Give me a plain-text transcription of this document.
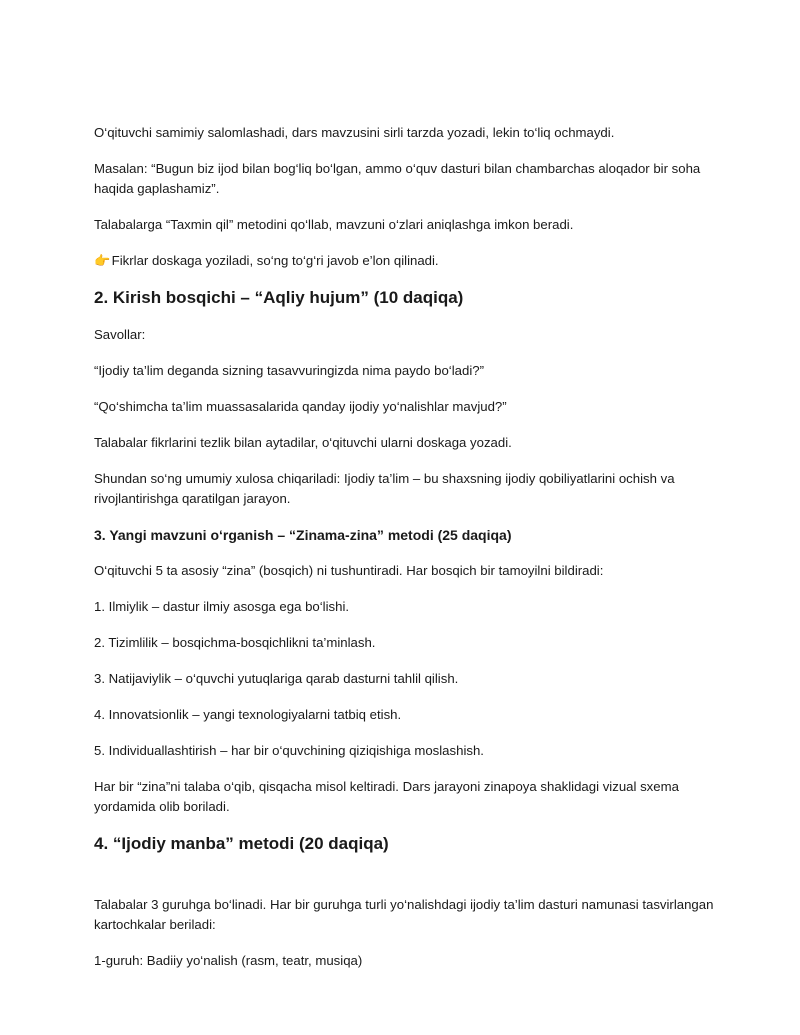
O‘qituvchi samimiy salomlashadi, dars mavzusini sirli tarzda yozadi, lekin to‘liq ochmaydi.

Masalan: “Bugun biz ijod bilan bog‘liq bo‘lgan, ammo o‘quv dasturi bilan chambarchas aloqador bir soha haqida gaplashamiz”.

Talabalarga “Taxmin qil” metodini qo‘llab, mavzuni o‘zlari aniqlashga imkon beradi.

👉 Fikrlar doskaga yoziladi, so‘ng to‘g‘ri javob e’lon qilinadi.

2. Kirish bosqichi – “Aqliy hujum” (10 daqiqa)

Savollar:

“Ijodiy ta’lim deganda sizning tasavvuringizda nima paydo bo‘ladi?”

“Qo‘shimcha ta’lim muassasalarida qanday ijodiy yo‘nalishlar mavjud?”

Talabalar fikrlarini tezlik bilan aytadilar, o‘qituvchi ularni doskaga yozadi.

Shundan so‘ng umumiy xulosa chiqariladi: Ijodiy ta’lim – bu shaxsning ijodiy qobiliyatlarini ochish va rivojlantirishga qaratilgan jarayon.

3. Yangi mavzuni o‘rganish – “Zinama-zina” metodi (25 daqiqa)

O‘qituvchi 5 ta asosiy “zina” (bosqich) ni tushuntiradi. Har bosqich bir tamoyilni bildiradi:

1. Ilmiylik – dastur ilmiy asosga ega bo‘lishi.

2. Tizimlilik – bosqichma-bosqichlikni ta’minlash.

3. Natijaviylik – o‘quvchi yutuqlariga qarab dasturni tahlil qilish.

4. Innovatsionlik – yangi texnologiyalarni tatbiq etish.

5. Individuallashtirish – har bir o‘quvchining qiziqishiga moslashish.

Har bir “zina”ni talaba o‘qib, qisqacha misol keltiradi. Dars jarayoni zinapoya shaklidagi vizual sxema yordamida olib boriladi.

4. “Ijodiy manba” metodi (20 daqiqa)

Talabalar 3 guruhga bo‘linadi. Har bir guruhga turli yo‘nalishdagi ijodiy ta’lim dasturi namunasi tasvirlangan kartochkalar beriladi:

1-guruh: Badiiy yo‘nalish (rasm, teatr, musiqa)
